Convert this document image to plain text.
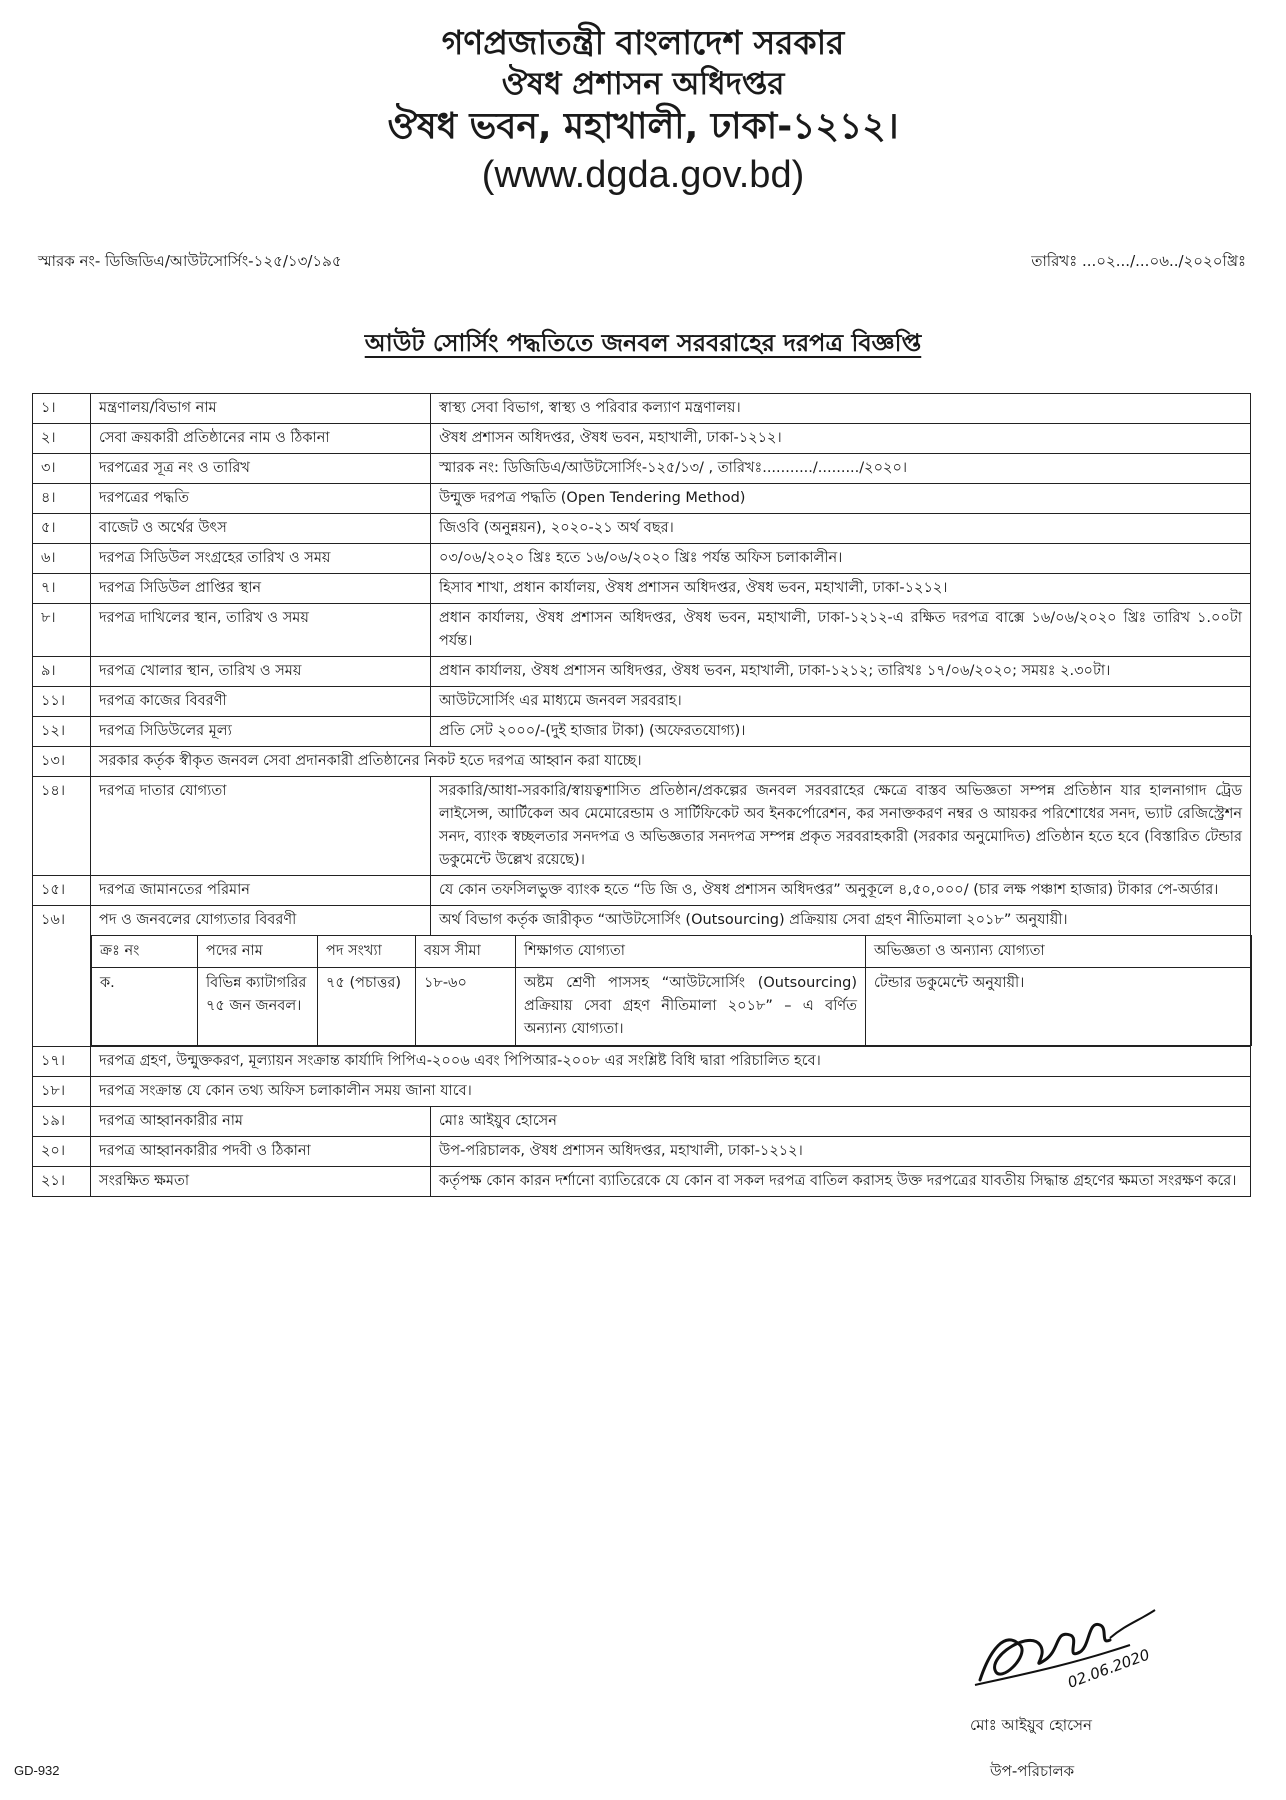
গণপ্রজাতন্ত্রী বাংলাদেশ সরকার
ঔষধ প্রশাসন অধিদপ্তর
ঔষধ ভবন, মহাখালী, ঢাকা-১২১২।
(www.dgda.gov.bd)
স্মারক নং- ডিজিডিএ/আউটসোর্সিং-১২৫/১৩/১৯৫	তারিখঃ ...০২.../...০৬../২০২০খ্রিঃ
আউট সোর্সিং পদ্ধতিতে জনবল সরবরাহের দরপত্র বিজ্ঞপ্তি
১।	মন্ত্রণালয়/বিভাগ নাম	স্বাস্থ্য সেবা বিভাগ, স্বাস্থ্য ও পরিবার কল্যাণ মন্ত্রণালয়।
২।	সেবা ক্রয়কারী প্রতিষ্ঠানের নাম ও ঠিকানা	ঔষধ প্রশাসন অধিদপ্তর, ঔষধ ভবন, মহাখালী, ঢাকা-১২১২।
৩।	দরপত্রের সূত্র নং ও তারিখ	স্মারক নং: ডিজিডিএ/আউটসোর্সিং-১২৫/১৩/ , তারিখঃ.........../........./২০২০।
৪।	দরপত্রের পদ্ধতি	উন্মুক্ত দরপত্র পদ্ধতি (Open Tendering Method)
৫।	বাজেট ও অর্থের উৎস	জিওবি (অনুন্নয়ন), ২০২০-২১ অর্থ বছর।
৬।	দরপত্র সিডিউল সংগ্রহের তারিখ ও সময়	০৩/০৬/২০২০ খ্রিঃ হতে ১৬/০৬/২০২০ খ্রিঃ পর্যন্ত অফিস চলাকালীন।
৭।	দরপত্র সিডিউল প্রাপ্তির স্থান	হিসাব শাখা, প্রধান কার্যালয়, ঔষধ প্রশাসন অধিদপ্তর, ঔষধ ভবন, মহাখালী, ঢাকা-১২১২।
৮।	দরপত্র দাখিলের স্থান, তারিখ ও সময়	প্রধান কার্যালয়, ঔষধ প্রশাসন অধিদপ্তর, ঔষধ ভবন, মহাখালী, ঢাকা-১২১২-এ রক্ষিত দরপত্র বাক্সে ১৬/০৬/২০২০ খ্রিঃ তারিখ ১.০০টা পর্যন্ত।
৯।	দরপত্র খোলার স্থান, তারিখ ও সময়	প্রধান কার্যালয়, ঔষধ প্রশাসন অধিদপ্তর, ঔষধ ভবন, মহাখালী, ঢাকা-১২১২; তারিখঃ ১৭/০৬/২০২০; সময়ঃ ২.৩০টা।
১১।	দরপত্র কাজের বিবরণী	আউটসোর্সিং এর মাধ্যমে জনবল সরবরাহ।
১২।	দরপত্র সিডিউলের মূল্য	প্রতি সেট ২০০০/-(দুই হাজার টাকা) (অফেরতযোগ্য)।
১৩।	সরকার কর্তৃক স্বীকৃত জনবল সেবা প্রদানকারী প্রতিষ্ঠানের নিকট হতে দরপত্র আহ্বান করা যাচ্ছে।
১৪।	দরপত্র দাতার যোগ্যতা	সরকারি/আধা-সরকারি/স্বায়ত্বশাসিত প্রতিষ্ঠান/প্রকল্পের জনবল সরবরাহের ক্ষেত্রে বাস্তব অভিজ্ঞতা সম্পন্ন প্রতিষ্ঠান যার হালনাগাদ ট্রেড লাইসেন্স, আর্টিকেল অব মেমোরেন্ডাম ও সার্টিফিকেট অব ইনকর্পোরেশন, কর সনাক্তকরণ নম্বর ও আয়কর পরিশোধের সনদ, ভ্যাট রেজিস্ট্রেশন সনদ, ব্যাংক স্বচ্ছলতার সনদপত্র ও অভিজ্ঞতার সনদপত্র সম্পন্ন প্রকৃত সরবরাহকারী (সরকার অনুমোদিত) প্রতিষ্ঠান হতে হবে (বিস্তারিত টেন্ডার ডকুমেন্টে উল্লেখ রয়েছে)।
১৫।	দরপত্র জামানতের পরিমান	যে কোন তফসিলভুক্ত ব্যাংক হতে “ডি জি ও, ঔষধ প্রশাসন অধিদপ্তর” অনুকূলে ৪,৫০,০০০/ (চার লক্ষ পঞ্চাশ হাজার) টাকার পে-অর্ডার।
১৬।	পদ ও জনবলের যোগ্যতার বিবরণী	অর্থ বিভাগ কর্তৃক জারীকৃত “আউটসোর্সিং (Outsourcing) প্রক্রিয়ায় সেবা গ্রহণ নীতিমালা ২০১৮” অনুযায়ী।

ক্রঃ নং	পদের নাম	পদ সংখ্যা	বয়স সীমা	শিক্ষাগত যোগ্যতা	অভিজ্ঞতা ও অন্যান্য যোগ্যতা
ক.	বিভিন্ন ক্যাটাগরির ৭৫ জন জনবল।	৭৫ (পচাত্তর)	১৮-৬০	অষ্টম শ্রেণী পাসসহ “আউটসোর্সিং (Outsourcing) প্রক্রিয়ায় সেবা গ্রহণ নীতিমালা ২০১৮” – এ বর্ণিত অন্যান্য যোগ্যতা।	টেন্ডার ডকুমেন্টে অনুযায়ী।

১৭।	দরপত্র গ্রহণ, উন্মুক্তকরণ, মূল্যায়ন সংক্রান্ত কার্যাদি পিপিএ-২০০৬ এবং পিপিআর-২০০৮ এর সংশ্লিষ্ট বিধি দ্বারা পরিচালিত হবে।
১৮।	দরপত্র সংক্রান্ত যে কোন তথ্য অফিস চলাকালীন সময় জানা যাবে।
১৯।	দরপত্র আহ্বানকারীর নাম	মোঃ আইয়ুব হোসেন
২০।	দরপত্র আহ্বানকারীর পদবী ও ঠিকানা	উপ-পরিচালক, ঔষধ প্রশাসন অধিদপ্তর, মহাখালী, ঢাকা-১২১২।
২১।	সংরক্ষিত ক্ষমতা	কর্তৃপক্ষ কোন কারন দর্শানো ব্যাতিরেকে যে কোন বা সকল দরপত্র বাতিল করাসহ উক্ত দরপত্রের যাবতীয় সিদ্ধান্ত গ্রহণের ক্ষমতা সংরক্ষণ করে।
02.06.2020
মোঃ আইয়ুব হোসেন
উপ-পরিচালক
GD-932
